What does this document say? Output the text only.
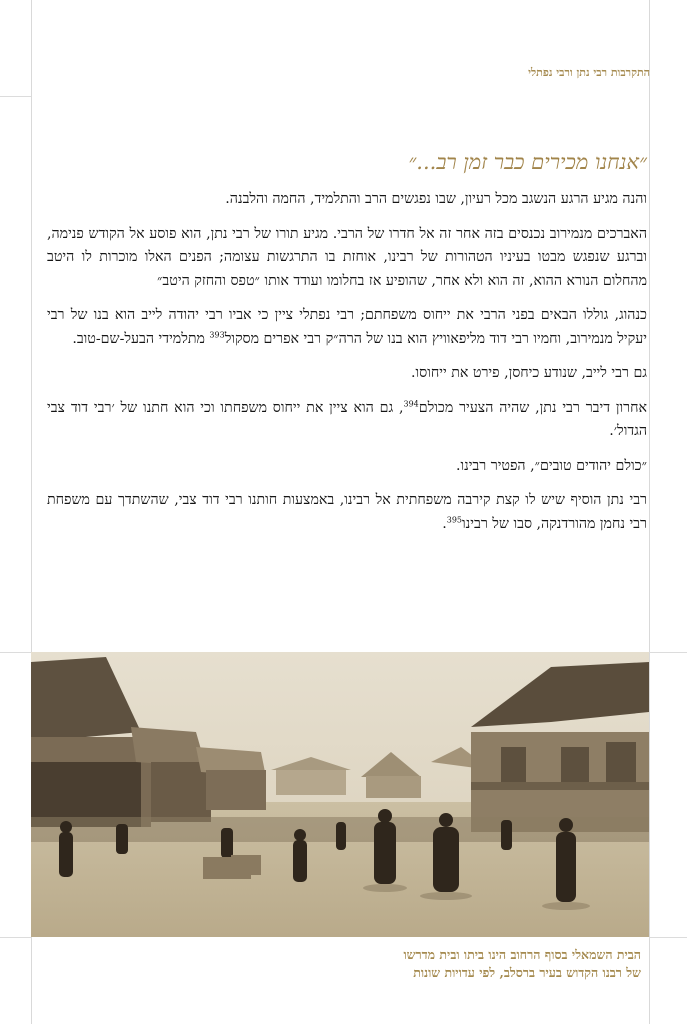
התקרבות רבי נתן ורבי נפתלי
״אנחנו מכירים כבר זמן רב...״

והנה מגיע הרגע הנשגב מכל רעיון, שבו נפגשים הרב והתלמיד, החמה והלבנה.

האברכים מנמירוב נכנסים בזה אחר זה אל חדרו של הרבי. מגיע תורו של רבי נתן, הוא פוסע אל הקודש פנימה, וברגע שנפגש מבטו בעיניו הטהורות של רבינו, אוחזת בו התרגשות עצומה; הפנים האלו מוכרות לו היטב מהחלום הנורא ההוא, זה הוא ולא אחר, שהופיע אז בחלומו ועודד אותו ״טפס והחזק היטב״

כנהוג, גוללו הבאים בפני הרבי את ייחוס משפחתם; רבי נפתלי ציין כי אביו רבי יהודה לייב הוא בנו של רבי יעקיל מנמירוב, וחמיו רבי דוד מליפאוויץ הוא בנו של הרה״ק רבי אפרים מסקול$^{393}$ מתלמידי הבעל-שם-טוב.

גם רבי לייב, שנודע כיחסן, פירט את ייחוסו.

אחרון דיבר רבי נתן, שהיה הצעיר מכולם$^{394}$, גם הוא ציין את ייחוס משפחתו וכי הוא חתנו של ׳רבי דוד צבי הגדול׳.

״כולם יהודים טובים״, הפטיר רבינו.

רבי נתן הוסיף שיש לו קצת קירבה משפחתית אל רבינו, באמצעות חותנו רבי דוד צבי, שהשתדך עם משפחת רבי נחמן מהורדנקה, סבו של רבינו$^{395}$.

הבית השמאלי בסוף הרחוב הינו ביתו ובית מדרשו
של רבנו הקדוש בעיר ברסלב, לפי עדויות שונות
